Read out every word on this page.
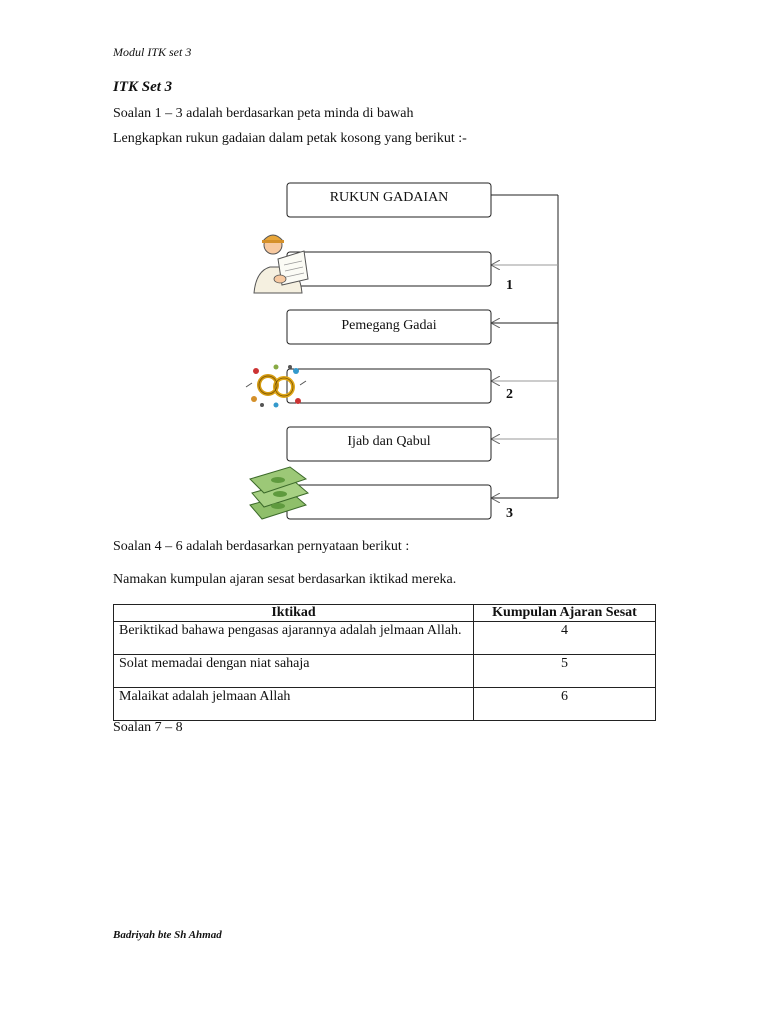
Modul ITK set 3
ITK Set 3
Soalan 1 – 3 adalah berdasarkan peta minda di bawah
Lengkapkan rukun gadaian dalam petak kosong yang berikut :-
RUKUN GADAIAN
Pemegang Gadai
Ijab dan Qabul
1
2
3
Soalan 4 – 6 adalah berdasarkan pernyataan berikut :
Namakan kumpulan ajaran sesat berdasarkan iktikad mereka.
Iktikad	Kumpulan Ajaran Sesat
Beriktikad bahawa pengasas ajarannya adalah jelmaan Allah.	4
Solat memadai dengan niat sahaja	5
Malaikat adalah jelmaan Allah	6
Soalan 7 – 8
Badriyah bte Sh Ahmad
